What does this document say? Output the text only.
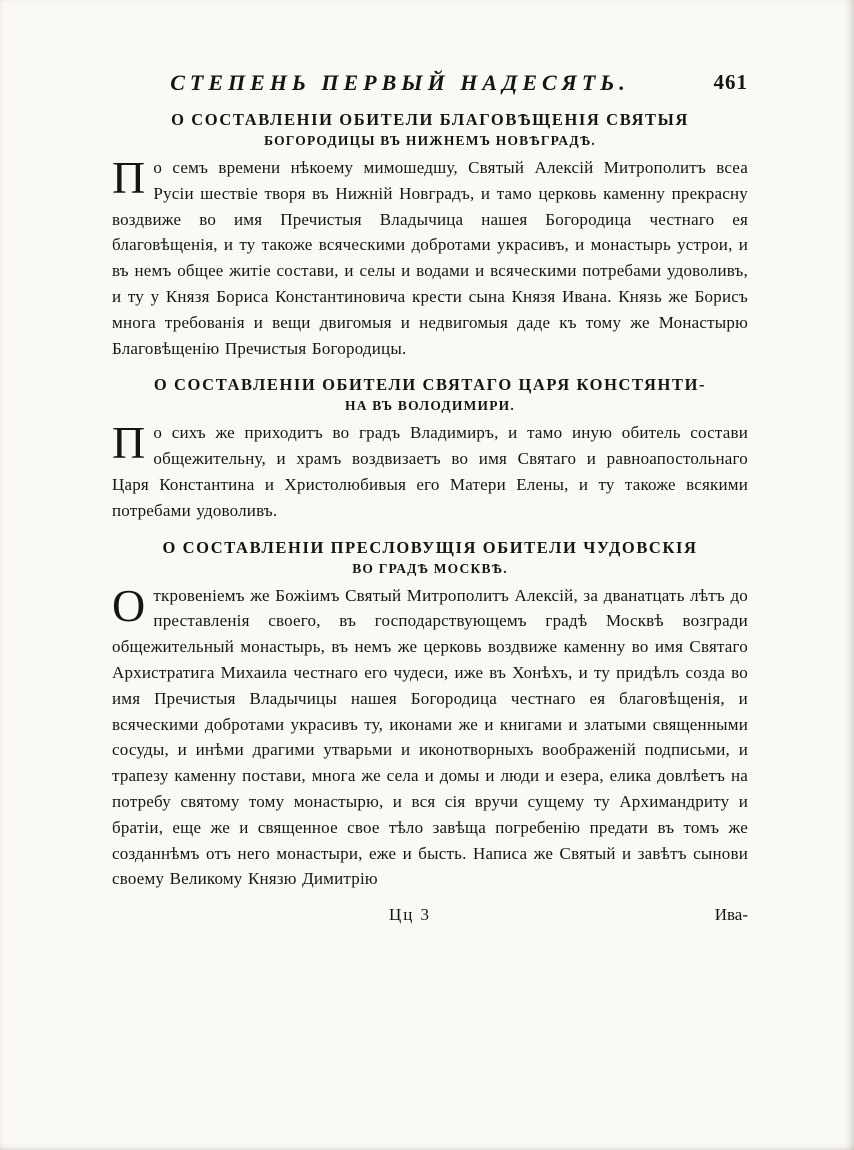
СТЕПЕНЬ ПЕРВЫЙ НАДЕСЯТЬ.	461
О СОСТАВЛЕНІИ ОБИТЕЛИ БЛАГОВѢЩЕНІЯ СВЯТЫЯ
БОГОРОДИЦЫ ВЪ НИЖНЕМЪ НОВѢГРАДѢ.

По семъ времени нѣкоему мимошедшу, Святый Алексій Митрополитъ всеа Русіи шествіе творя въ Нижній Новградъ, и тамо церковь каменну прекрасну воздвиже во имя Пречистыя Владычица нашея Богородица честнаго ея благовѣщенія, и ту такоже всяческими добротами украсивъ, и монастырь устрои, и въ немъ общее житіе состави, и селы и водами и всяческими потребами удоволивъ, и ту у Князя Бориса Константиновича крести сына Князя Ивана. Князь же Борисъ многа требованія и вещи двигомыя и недвигомыя даде къ тому же Монастырю Благовѣщенію Пречистыя Богородицы.

О СОСТАВЛЕНІИ ОБИТЕЛИ СВЯТАГО ЦАРЯ КОНСТЯНТИ-
НА ВЪ ВОЛОДИМИРИ.

По сихъ же приходитъ во градъ Владимиръ, и тамо иную обитель состави общежительну, и храмъ воздвизаетъ во имя Святаго и равноапостольнаго Царя Константина и Христолюбивыя его Матери Елены, и ту такоже всякими потребами удоволивъ.

О СОСТАВЛЕНІИ ПРЕСЛОВУЩІЯ ОБИТЕЛИ ЧУДОВСКІЯ
ВО ГРАДѢ МОСКВѢ.

Откровеніемъ же Божіимъ Святый Митрополитъ Алексій, за дванатцать лѣтъ до преставленія своего, въ господарствующемъ градѣ Москвѣ возгради общежительный монастырь, въ немъ же церковь воздвиже каменну во имя Святаго Архистратига Михаила честнаго его чудеси, иже въ Хонѣхъ, и ту придѣлъ созда во имя Пречистыя Владычицы нашея Богородица честнаго ея благовѣщенія, и всяческими добротами украсивъ ту, иконами же и книгами и златыми священными сосуды, и инѣми драгими утварьми и иконотворныхъ воображеній подписьми, и трапезу каменну постави, многа же села и домы и люди и езера, елика довлѣетъ на потребу святому тому монастырю, и вся сія вручи сущему ту Архимандриту и братіи, еще же и священное свое тѣло завѣща погребенію предати въ томъ же созданнѣмъ отъ него монастыри, еже и бысть. Написа же Святый и завѣтъ сынови своему Великому Князю Димитрію

Цц 3	Ива-
